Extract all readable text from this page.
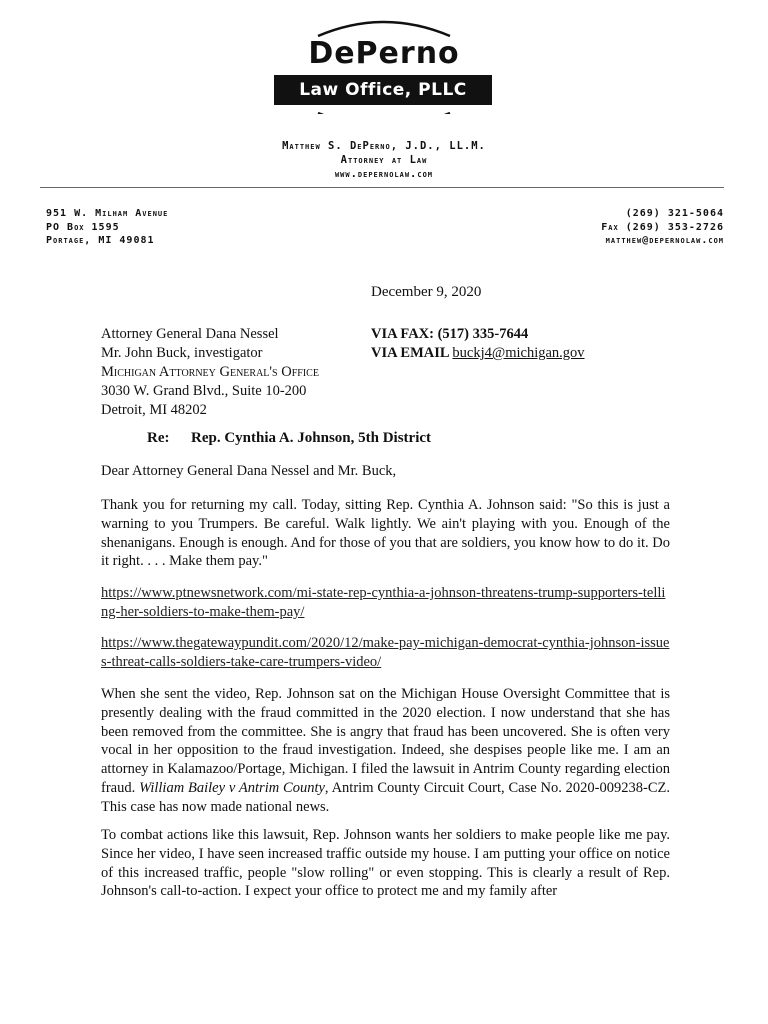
DePerno
Law Office, PLLC
Matthew S. DePerno, J.D., LL.M.
Attorney at Law
www.depernolaw.com
951 W. Milham Avenue
PO Box 1595
Portage, MI 49081
(269) 321-5064
Fax (269) 353-2726
matthew@depernolaw.com
December 9, 2020
Attorney General Dana Nessel
Mr. John Buck, investigator
Michigan Attorney General's Office
3030 W. Grand Blvd., Suite 10-200
Detroit, MI 48202
VIA FAX: (517) 335-7644
VIA EMAIL buckj4@michigan.gov
Re: Rep. Cynthia A. Johnson, 5th District
Dear Attorney General Dana Nessel and Mr. Buck,
Thank you for returning my call. Today, sitting Rep. Cynthia A. Johnson said: "So this is just a warning to you Trumpers. Be careful. Walk lightly. We ain't playing with you. Enough of the shenanigans. Enough is enough. And for those of you that are soldiers, you know how to do it. Do it right. . . . Make them pay."
https://www.ptnewsnetwork.com/mi-state-rep-cynthia-a-johnson-threatens-trump-supporters-telling-her-soldiers-to-make-them-pay/
https://www.thegatewaypundit.com/2020/12/make-pay-michigan-democrat-cynthia-johnson-issues-threat-calls-soldiers-take-care-trumpers-video/
When she sent the video, Rep. Johnson sat on the Michigan House Oversight Committee that is presently dealing with the fraud committed in the 2020 election. I now understand that she has been removed from the committee. She is angry that fraud has been uncovered. She is often very vocal in her opposition to the fraud investigation. Indeed, she despises people like me. I am an attorney in Kalamazoo/Portage, Michigan. I filed the lawsuit in Antrim County regarding election fraud. William Bailey v Antrim County, Antrim County Circuit Court, Case No. 2020-009238-CZ. This case has now made national news.
To combat actions like this lawsuit, Rep. Johnson wants her soldiers to make people like me pay. Since her video, I have seen increased traffic outside my house. I am putting your office on notice of this increased traffic, people "slow rolling" or even stopping. This is clearly a result of Rep. Johnson's call-to-action. I expect your office to protect me and my family after
